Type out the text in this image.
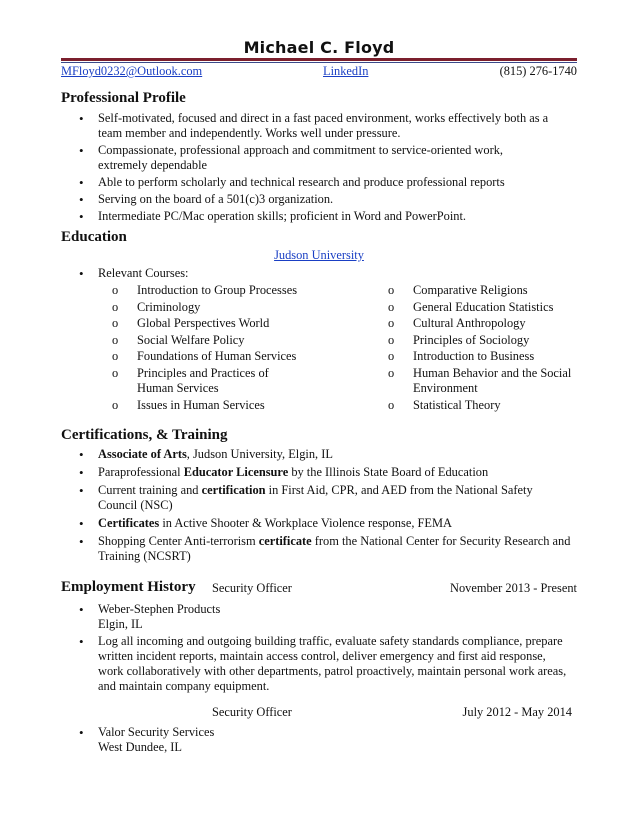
Michael C. Floyd
MFloyd0232@Outlook.com	LinkedIn	(815) 276-1740
Professional Profile
• Self-motivated, focused and direct in a fast paced environment, works effectively both as a team member and independently. Works well under pressure.
• Compassionate, professional approach and commitment to service-oriented work, extremely dependable
• Able to perform scholarly and technical research and produce professional reports
• Serving on the board of a 501(c)3 organization.
• Intermediate PC/Mac operation skills; proficient in Word and PowerPoint.
Education
Judson University
• Relevant Courses:
o Introduction to Group Processes
o Criminology
o Global Perspectives World
o Social Welfare Policy
o Foundations of Human Services
o Principles and Practices of Human Services
o Issues in Human Services
o Comparative Religions
o General Education Statistics
o Cultural Anthropology
o Principles of Sociology
o Introduction to Business
o Human Behavior and the Social Environment
o Statistical Theory
Certifications, & Training
• Associate of Arts, Judson University, Elgin, IL
• Paraprofessional Educator Licensure by the Illinois State Board of Education
• Current training and certification in First Aid, CPR, and AED from the National Safety Council (NSC)
• Certificates in Active Shooter & Workplace Violence response, FEMA
• Shopping Center Anti-terrorism certificate from the National Center for Security Research and Training (NCSRT)
Employment History Security Officer	November 2013 - Present
• Weber-Stephen Products
Elgin, IL
• Log all incoming and outgoing building traffic, evaluate safety standards compliance, prepare written incident reports, maintain access control, deliver emergency and first aid response, work collaboratively with other departments, patrol proactively, maintain personal work areas, and maintain company equipment.
Security Officer	July 2012 - May 2014
• Valor Security Services
West Dundee, IL
